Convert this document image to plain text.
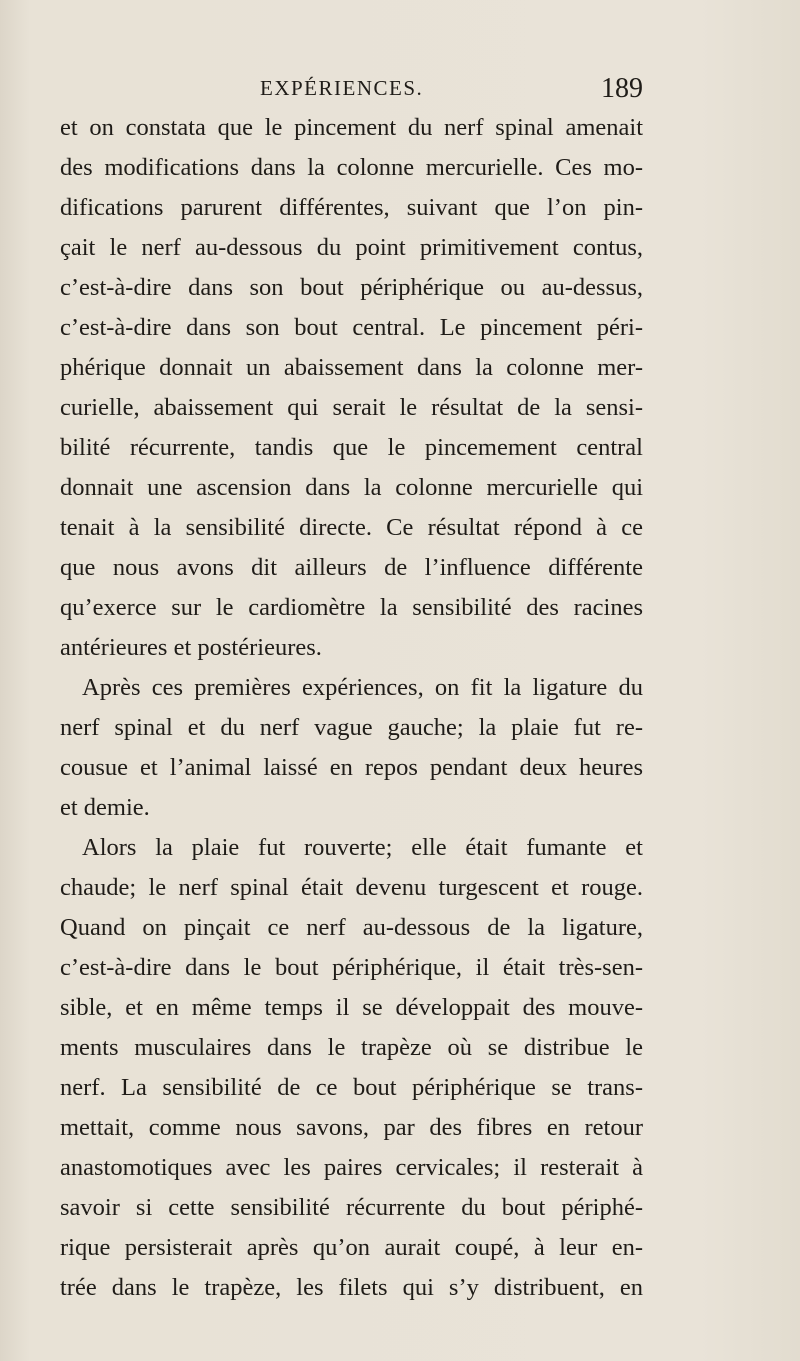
EXPÉRIENCES.	189
et on constata que le pincement du nerf spinal amenait
des modifications dans la colonne mercurielle. Ces mo-
difications parurent différentes, suivant que l’on pin-
çait le nerf au-dessous du point primitivement contus,
c’est-à-dire dans son bout périphérique ou au-dessus,
c’est-à-dire dans son bout central. Le pincement péri-
phérique donnait un abaissement dans la colonne mer-
curielle, abaissement qui serait le résultat de la sensi-
bilité récurrente, tandis que le pincemement central
donnait une ascension dans la colonne mercurielle qui
tenait à la sensibilité directe. Ce résultat répond à ce
que nous avons dit ailleurs de l’influence différente
qu’exerce sur le cardiomètre la sensibilité des racines
antérieures et postérieures.
Après ces premières expériences, on fit la ligature du
nerf spinal et du nerf vague gauche; la plaie fut re-
cousue et l’animal laissé en repos pendant deux heures
et demie.
Alors la plaie fut rouverte; elle était fumante et
chaude; le nerf spinal était devenu turgescent et rouge.
Quand on pinçait ce nerf au-dessous de la ligature,
c’est-à-dire dans le bout périphérique, il était très-sen-
sible, et en même temps il se développait des mouve-
ments musculaires dans le trapèze où se distribue le
nerf. La sensibilité de ce bout périphérique se trans-
mettait, comme nous savons, par des fibres en retour
anastomotiques avec les paires cervicales; il resterait à
savoir si cette sensibilité récurrente du bout périphé-
rique persisterait après qu’on aurait coupé, à leur en-
trée dans le trapèze, les filets qui s’y distribuent, en
